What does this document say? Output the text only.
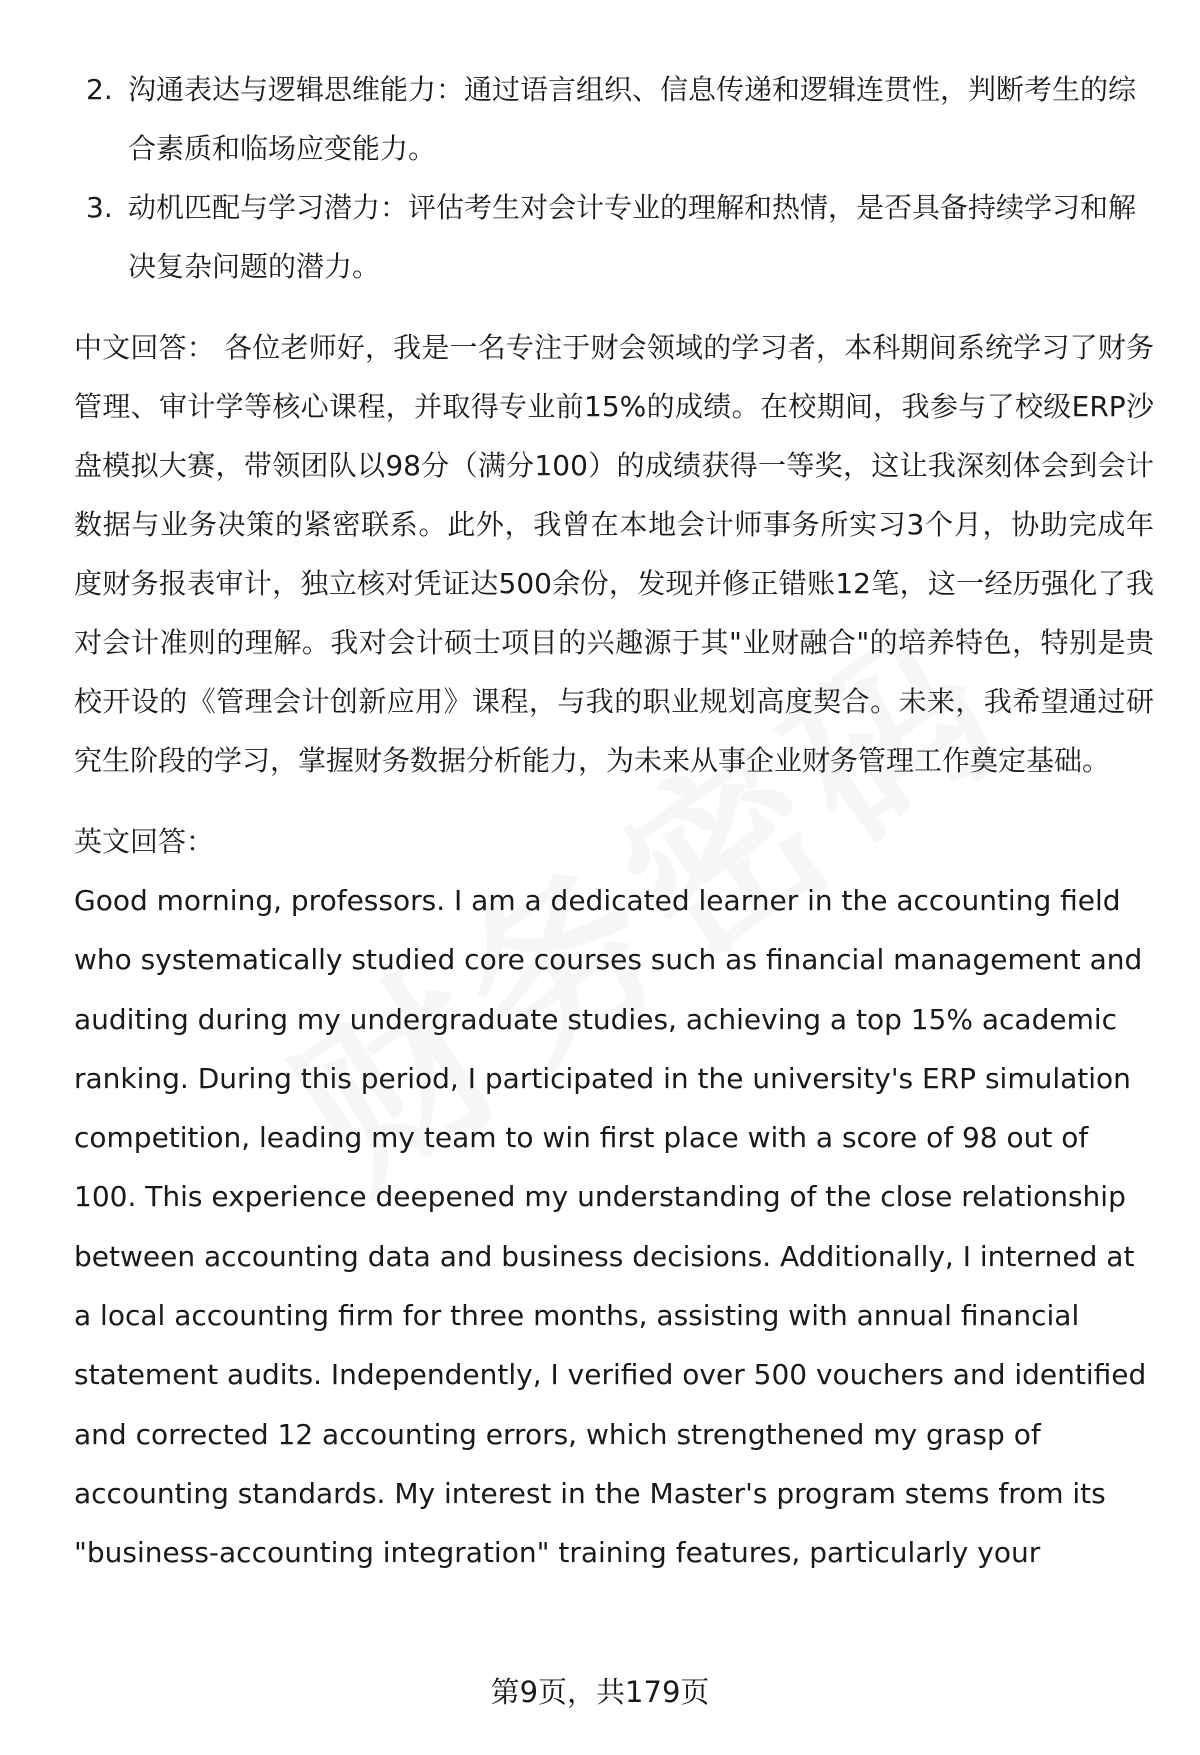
2. 沟通表达与逻辑思维能力：通过语言组织、信息传递和逻辑连贯性，判断考生的综合素质和临场应变能力。
3. 动机匹配与学习潜力：评估考生对会计专业的理解和热情，是否具备持续学习和解决复杂问题的潜力。

中文回答： 各位老师好，我是一名专注于财会领域的学习者，本科期间系统学习了财务管理、审计学等核心课程，并取得专业前15%的成绩。在校期间，我参与了校级ERP沙盘模拟大赛，带领团队以98分（满分100）的成绩获得一等奖，这让我深刻体会到会计数据与业务决策的紧密联系。此外，我曾在本地会计师事务所实习3个月，协助完成年度财务报表审计，独立核对凭证达500余份，发现并修正错账12笔，这一经历强化了我对会计准则的理解。我对会计硕士项目的兴趣源于其"业财融合"的培养特色，特别是贵校开设的《管理会计创新应用》课程，与我的职业规划高度契合。未来，我希望通过研究生阶段的学习，掌握财务数据分析能力，为未来从事企业财务管理工作奠定基础。

英文回答：

Good morning, professors. I am a dedicated learner in the accounting field who systematically studied core courses such as financial management and auditing during my undergraduate studies, achieving a top 15% academic ranking. During this period, I participated in the university's ERP simulation competition, leading my team to win first place with a score of 98 out of 100. This experience deepened my understanding of the close relationship between accounting data and business decisions. Additionally, I interned at a local accounting firm for three months, assisting with annual financial statement audits. Independently, I verified over 500 vouchers and identified and corrected 12 accounting errors, which strengthened my grasp of accounting standards. My interest in the Master's program stems from its "business-accounting integration" training features, particularly your

第9页，共179页
